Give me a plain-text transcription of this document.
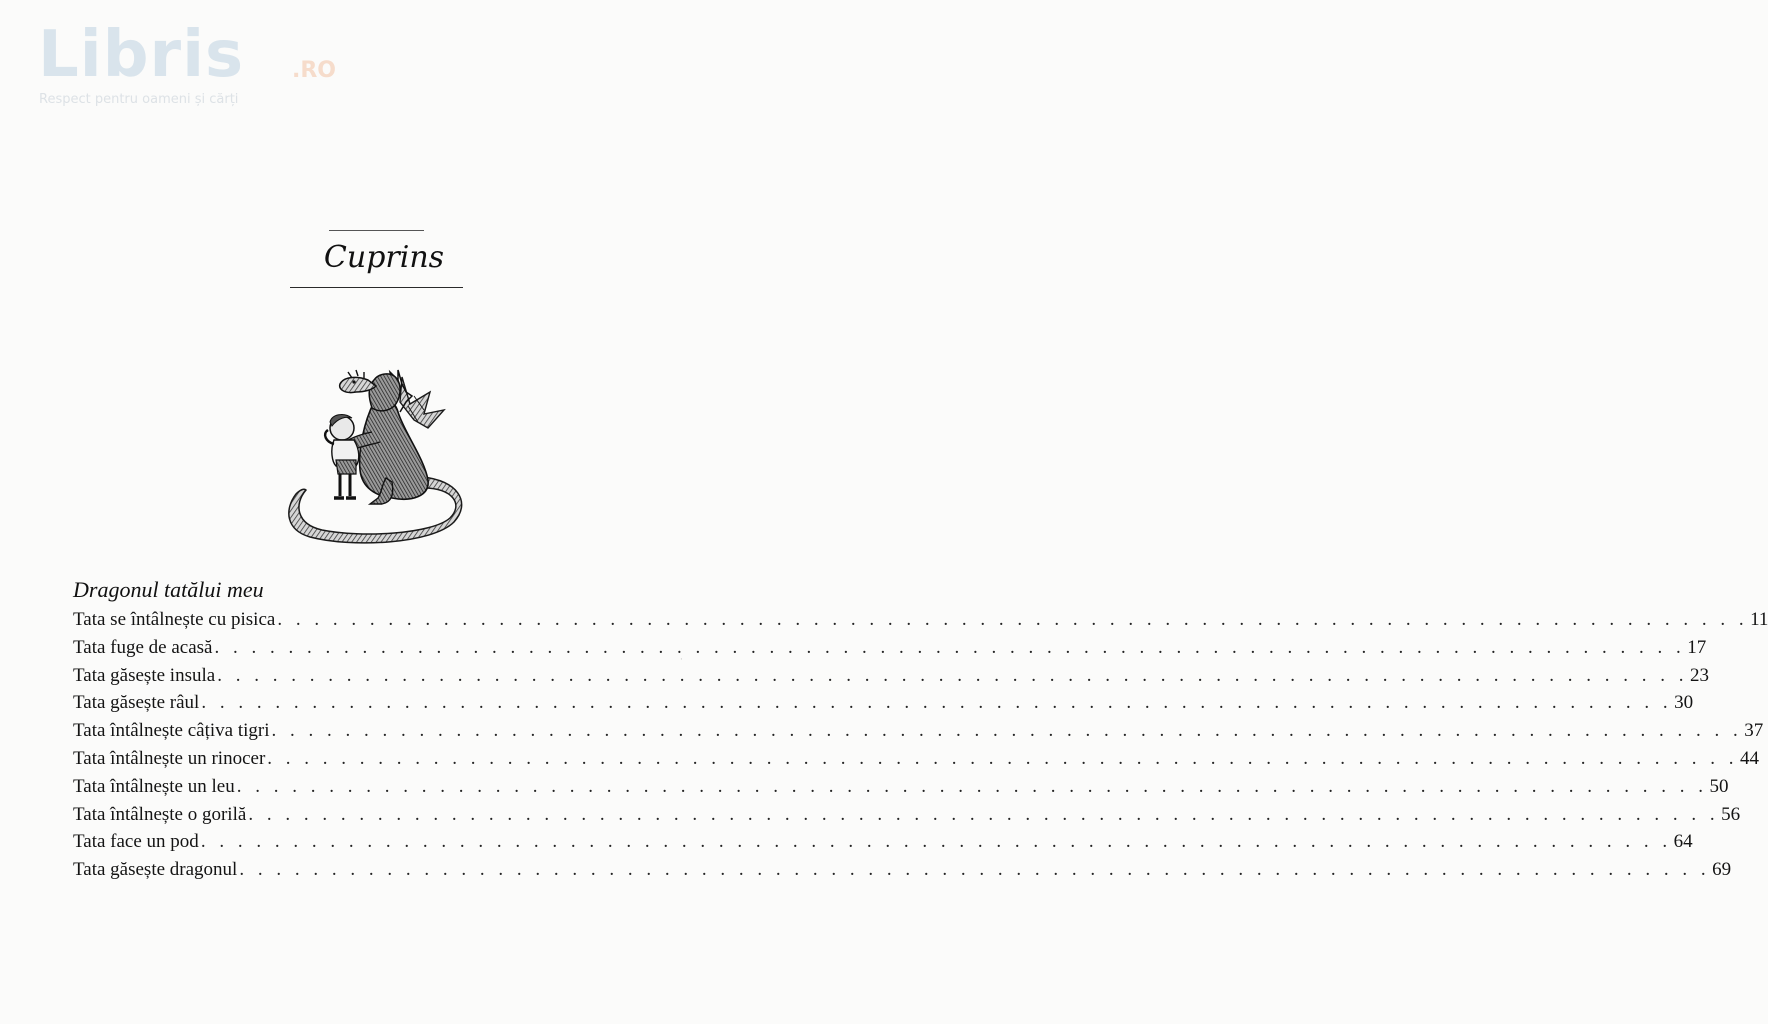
Libris .RO
Respect pentru oameni și cărți
Cuprins
Dragonul tatălui meu
Tata se întâlnește cu pisica . . . . . . . . . . . . . . . . . . . . . . . . . . . . . . . . . . . . . . . . . . . . . . . . . . . . . . . . . . . . . . . . . . . . . . . . . . . . . . . . 11
Tata fuge de acasă . . . . . . . . . . . . . . . . . . . . . . . . . . . . . . . . . . . . . . . . . . . . . . . . . . . . . . . . . . . . . . . . . . . . . . . . . . . . . . . . 17
Tata găsește insula . . . . . . . . . . . . . . . . . . . . . . . . . . . . . . . . . . . . . . . . . . . . . . . . . . . . . . . . . . . . . . . . . . . . . . . . . . . . . . . . 23
Tata găsește râul . . . . . . . . . . . . . . . . . . . . . . . . . . . . . . . . . . . . . . . . . . . . . . . . . . . . . . . . . . . . . . . . . . . . . . . . . . . . . . . . 30
Tata întâlnește câțiva tigri . . . . . . . . . . . . . . . . . . . . . . . . . . . . . . . . . . . . . . . . . . . . . . . . . . . . . . . . . . . . . . . . . . . . . . . . . . . . . . . . 37
Tata întâlnește un rinocer . . . . . . . . . . . . . . . . . . . . . . . . . . . . . . . . . . . . . . . . . . . . . . . . . . . . . . . . . . . . . . . . . . . . . . . . . . . . . . . . 44
Tata întâlnește un leu . . . . . . . . . . . . . . . . . . . . . . . . . . . . . . . . . . . . . . . . . . . . . . . . . . . . . . . . . . . . . . . . . . . . . . . . . . . . . . . . 50
Tata întâlnește o gorilă . . . . . . . . . . . . . . . . . . . . . . . . . . . . . . . . . . . . . . . . . . . . . . . . . . . . . . . . . . . . . . . . . . . . . . . . . . . . . . . . 56
Tata face un pod . . . . . . . . . . . . . . . . . . . . . . . . . . . . . . . . . . . . . . . . . . . . . . . . . . . . . . . . . . . . . . . . . . . . . . . . . . . . . . . . 64
Tata găsește dragonul . . . . . . . . . . . . . . . . . . . . . . . . . . . . . . . . . . . . . . . . . . . . . . . . . . . . . . . . . . . . . . . . . . . . . . . . . . . . . . . . 69
·
